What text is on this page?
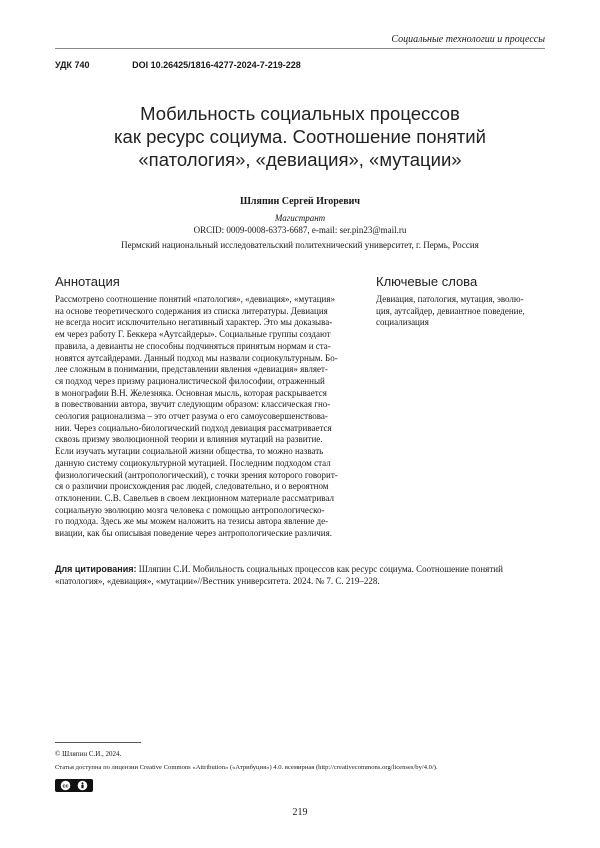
Социальные технологии и процессы
УДК 740	DOI 10.26425/1816-4277-2024-7-219-228
Мобильность социальных процессов
как ресурс социума. Соотношение понятий
«патология», «девиация», «мутации»
Шляпин Сергей Игоревич
Магистрант
ORCID: 0009-0008-6373-6687, e-mail: ser.pin23@mail.ru
Пермский национальный исследовательский политехнический университет, г. Пермь, Россия
Аннотация	Ключевые слова
Рассмотрено соотношение понятий «патология», «девиация», «мутация»
на основе теоретического содержания из списка литературы. Девиация
не всегда носит исключительно негативный характер. Это мы доказыва-
ем через работу Г. Беккера «Аутсайдеры». Социальные группы создают
правила, а девианты не способны подчиняться принятым нормам и ста-
новятся аутсайдерами. Данный подход мы назвали социокультурным. Бо-
лее сложным в понимании, представлении явления «девиация» являет-
ся подход через призму рационалистической философии, отраженный
в монографии В.Н. Железняка. Основная мысль, которая раскрывается
в повествовании автора, звучит следующим образом: классическая гно-
сеология рационализма – это отчет разума о его самоусовершенствова-
нии. Через социально-биологический подход девиация рассматривается
сквозь призму эволюционной теории и влияния мутаций на развитие.
Если изучать мутации социальной жизни общества, то можно назвать
данную систему социокультурной мутацией. Последним подходом стал
физиологический (антропологический), с точки зрения которого говорит-
ся о различии происхождения рас людей, следовательно, и о вероятном
отклонении. С.В. Савельев в своем лекционном материале рассматривал
социальную эволюцию мозга человека с помощью антропологическо-
го подхода. Здесь же мы можем наложить на тезисы автора явление де-
виации, как бы описывая поведение через антропологические различия.
Девиация, патология, мутация, эволю-
ция, аутсайдер, девиантное поведение,
социализация
Для цитирования: Шляпин С.И. Мобильность социальных процессов как ресурс социума. Соотношение понятий
«патология», «девиация», «мутации»//Вестник университета. 2024. № 7. С. 219–228.
© Шляпин С.И., 2024.
Статья доступна по лицензии Creative Commons «Attribution» («Атрибуция») 4.0. всемирная (http://creativecommons.org/licenses/by/4.0/).
cc
219
